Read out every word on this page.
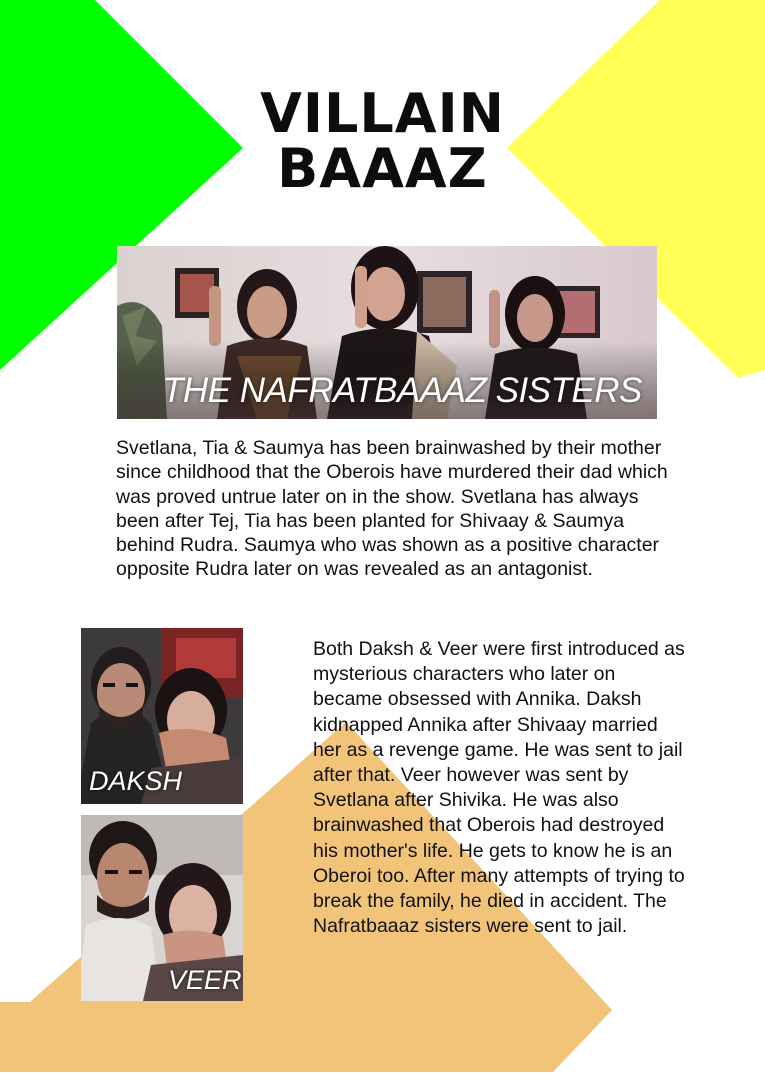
VILLAIN
BAAAZ
THE NAFRATBAAAZ SISTERS
Svetlana, Tia & Saumya has been brainwashed by their mother since childhood that the Oberois have murdered their dad which was proved untrue later on in the show. Svetlana has always been after Tej, Tia has been planted for Shivaay & Saumya behind Rudra. Saumya who was shown as a positive character opposite Rudra later on was revealed as an antagonist.
DAKSH
VEER
Both Daksh & Veer were first introduced as mysterious characters who later on became obsessed with Annika. Daksh kidnapped Annika after Shivaay married her as a revenge game. He was sent to jail after that. Veer however was sent by Svetlana after Shivika. He was also brainwashed that Oberois had destroyed his mother's life. He gets to know he is an Oberoi too. After many attempts of trying to break the family, he died in accident. The Nafratbaaaz sisters were sent to jail.
